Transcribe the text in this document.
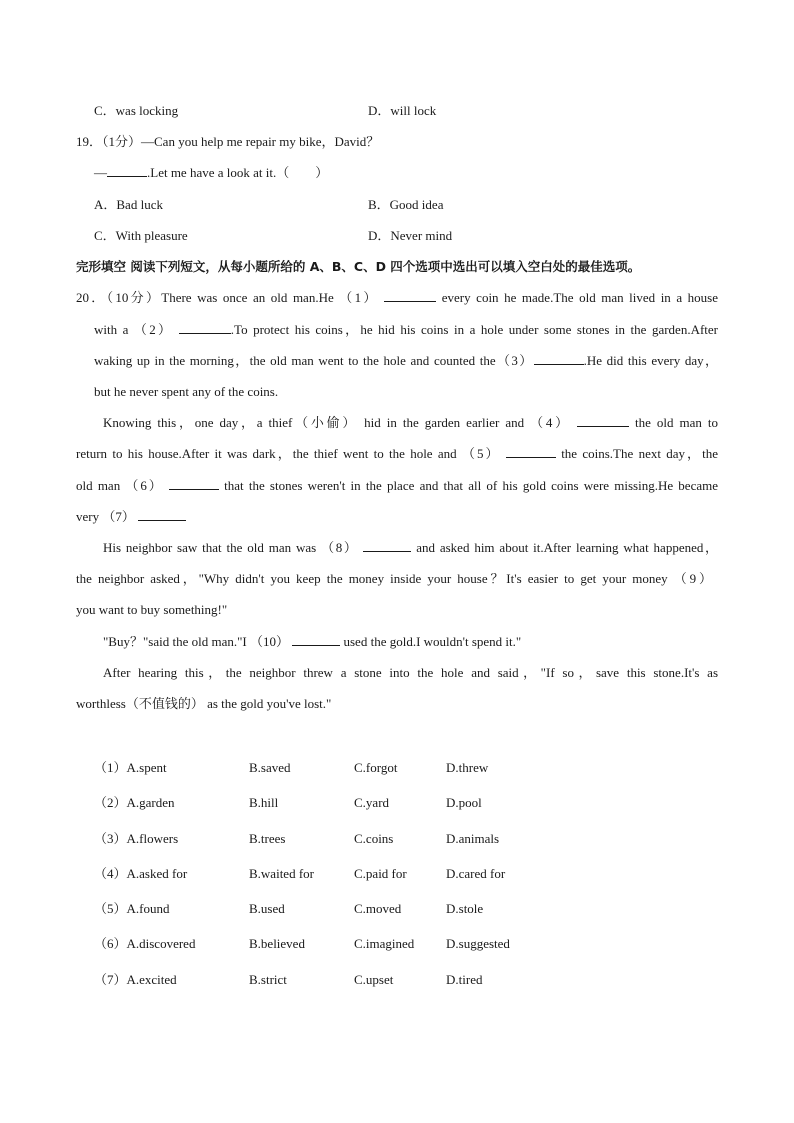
C．was locking	D．will lock
19．（1分）—Can you help me repair my bike，David？
—	.Let me have a look at it.（　　）
A．Bad luck	B．Good idea
C．With pleasure	D．Never mind
完形填空 阅读下列短文，从每小题所给的 A、B、C、D 四个选项中选出可以填入空白处的最佳选项。
20．（10分）There was once an old man.He （1）	every coin he made.The old man lived in a house
with a （2）	.To protect his coins，he hid his coins in a hole under some stones in the garden.After
waking up in the morning，the old man went to the hole and counted the（3）	.He did this every day，
but he never spent any of the coins.
Knowing this，one day，a thief（小偷） hid in the garden earlier and （4）	the old man to
return to his house.After it was dark，the thief went to the hole and （5）	the coins.The next day，the
old man （6）	that the stones weren't in the place and that all of his gold coins were missing.He became
very （7）
His neighbor saw that the old man was （8）	and asked him about it.After learning what happened，
the neighbor asked，"Why didn't you keep the money inside your house？It's easier to get your money （9）
you want to buy something!"
"Buy？"said the old man."I （10）	used the gold.I wouldn't spend it."
After hearing this，the neighbor threw a stone into the hole and said，"If so，save this stone.It's as
worthless（不值钱的） as the gold you've lost."
（1）A.spent	B.saved	C.forgot	D.threw
（2）A.garden	B.hill	C.yard	D.pool
（3）A.flowers	B.trees	C.coins	D.animals
（4）A.asked for	B.waited for	C.paid for	D.cared for
（5）A.found	B.used	C.moved	D.stole
（6）A.discovered	B.believed	C.imagined D.suggested
（7）A.excited	B.strict	C.upset	D.tired
